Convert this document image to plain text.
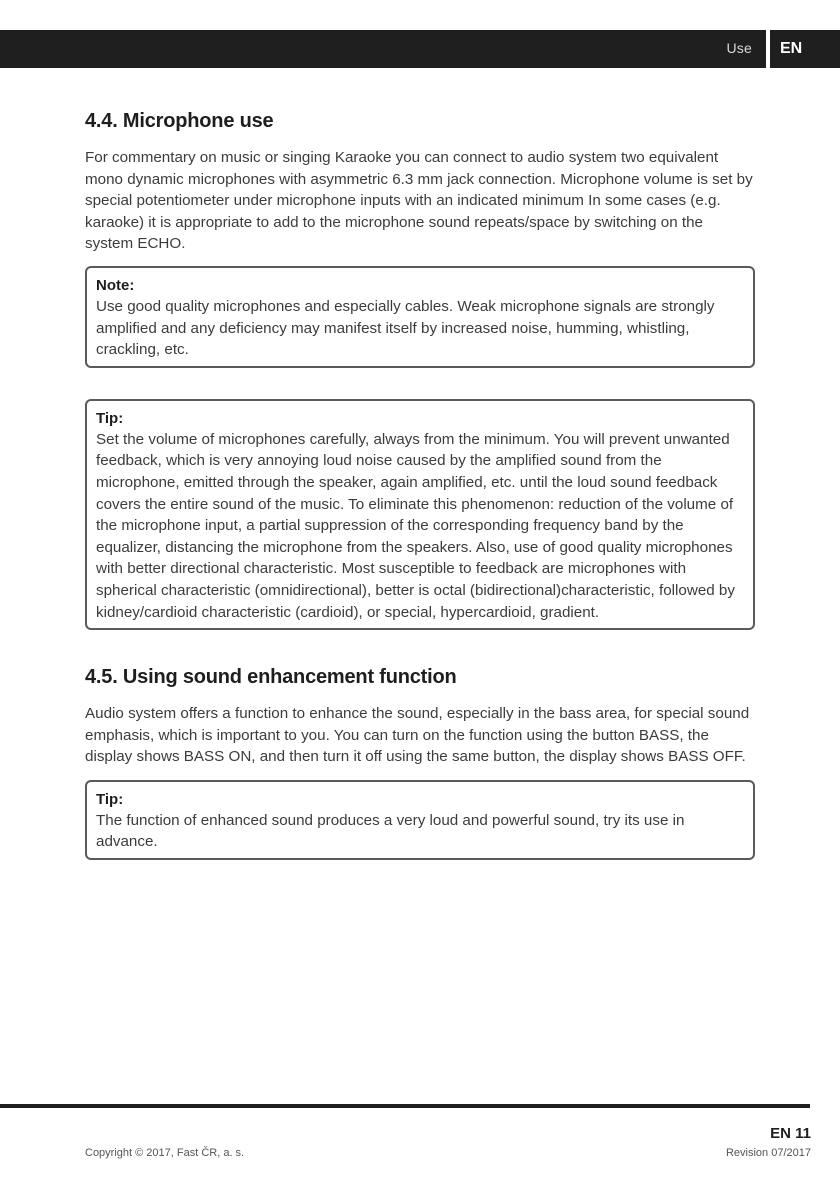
Use	EN
4.4. Microphone use

For commentary on music or singing Karaoke you can connect to audio system two equivalent mono dynamic microphones with asymmetric 6.3 mm jack connection. Microphone volume is set by special potentiometer under microphone inputs with an indicated minimum In some cases (e.g. karaoke) it is appropriate to add to the microphone sound repeats/space by switching on the system ECHO.

Note:

Use good quality microphones and especially cables. Weak microphone signals are strongly amplified and any deficiency may manifest itself by increased noise, humming, whistling, crackling, etc.

Tip:

Set the volume of microphones carefully, always from the minimum. You will prevent unwanted feedback, which is very annoying loud noise caused by the amplified sound from the microphone, emitted through the speaker, again amplified, etc. until the loud sound feedback covers the entire sound of the music. To eliminate this phenomenon: reduction of the volume of the microphone input, a partial suppression of the corresponding frequency band by the equalizer, distancing the microphone from the speakers. Also, use of good quality microphones with better directional characteristic. Most susceptible to feedback are microphones with spherical characteristic (omnidirectional), better is octal (bidirectional)characteristic, followed by kidney/cardioid characteristic (cardioid), or special, hypercardioid, gradient.

4.5. Using sound enhancement function

Audio system offers a function to enhance the sound, especially in the bass area, for special sound emphasis, which is important to you. You can turn on the function using the button BASS, the display shows BASS ON, and then turn it off using the same button, the display shows BASS OFF.

Tip:

The function of enhanced sound produces a very loud and powerful sound, try its use in advance.

EN 11
Copyright © 2017, Fast ČR, a. s.	Revision 07/2017
